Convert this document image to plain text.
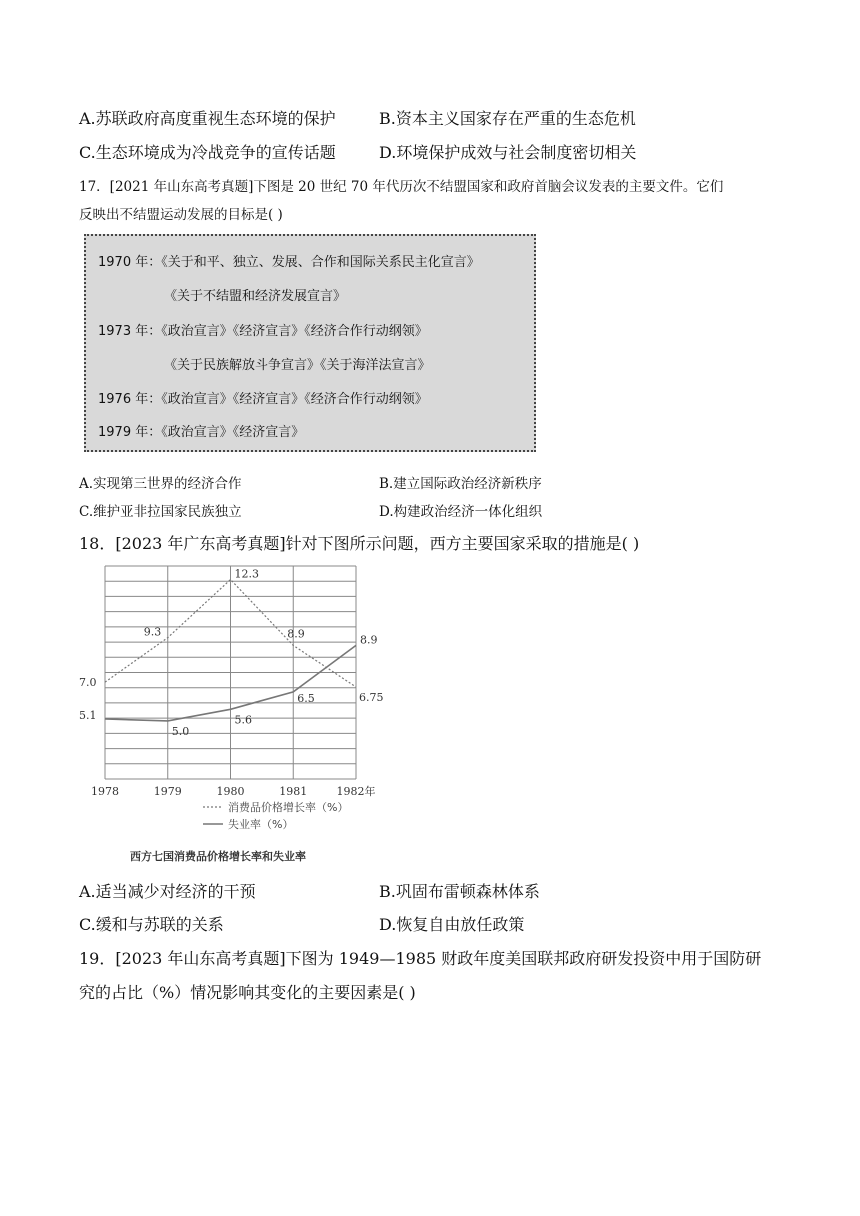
A.苏联政府高度重视生态环境的保护	B.资本主义国家存在严重的生态危机
C.生态环境成为冷战竞争的宣传话题	D.环境保护成效与社会制度密切相关
17．[2021 年山东高考真题]下图是 20 世纪 70 年代历次不结盟国家和政府首脑会议发表的主要文件。它们
反映出不结盟运动发展的目标是( )
1970 年：《关于和平、独立、发展、合作和国际关系民主化宣言》
《关于不结盟和经济发展宣言》
1973 年：《政治宣言》《经济宣言》《经济合作行动纲领》
《关于民族解放斗争宣言》《关于海洋法宣言》
1976 年：《政治宣言》《经济宣言》《经济合作行动纲领》
1979 年：《政治宣言》《经济宣言》
A.实现第三世界的经济合作	B.建立国际政治经济新秩序
C.维护亚非拉国家民族独立	D.构建政治经济一体化组织
18．[2023 年广东高考真题]针对下图所示问题，西方主要国家采取的措施是( )
7.0
9.3
12.3
8.9
6.75
5.1
5.0
5.6
6.5
8.9
1978	1979	1980	1981	1982年
消费品价格增长率（%）
失业率（%）
西方七国消费品价格增长率和失业率
A.适当减少对经济的干预	B.巩固布雷顿森林体系
C.缓和与苏联的关系	D.恢复自由放任政策
19．[2023 年山东高考真题]下图为 1949—1985 财政年度美国联邦政府研发投资中用于国防研
究的占比（%）情况影响其变化的主要因素是( )
